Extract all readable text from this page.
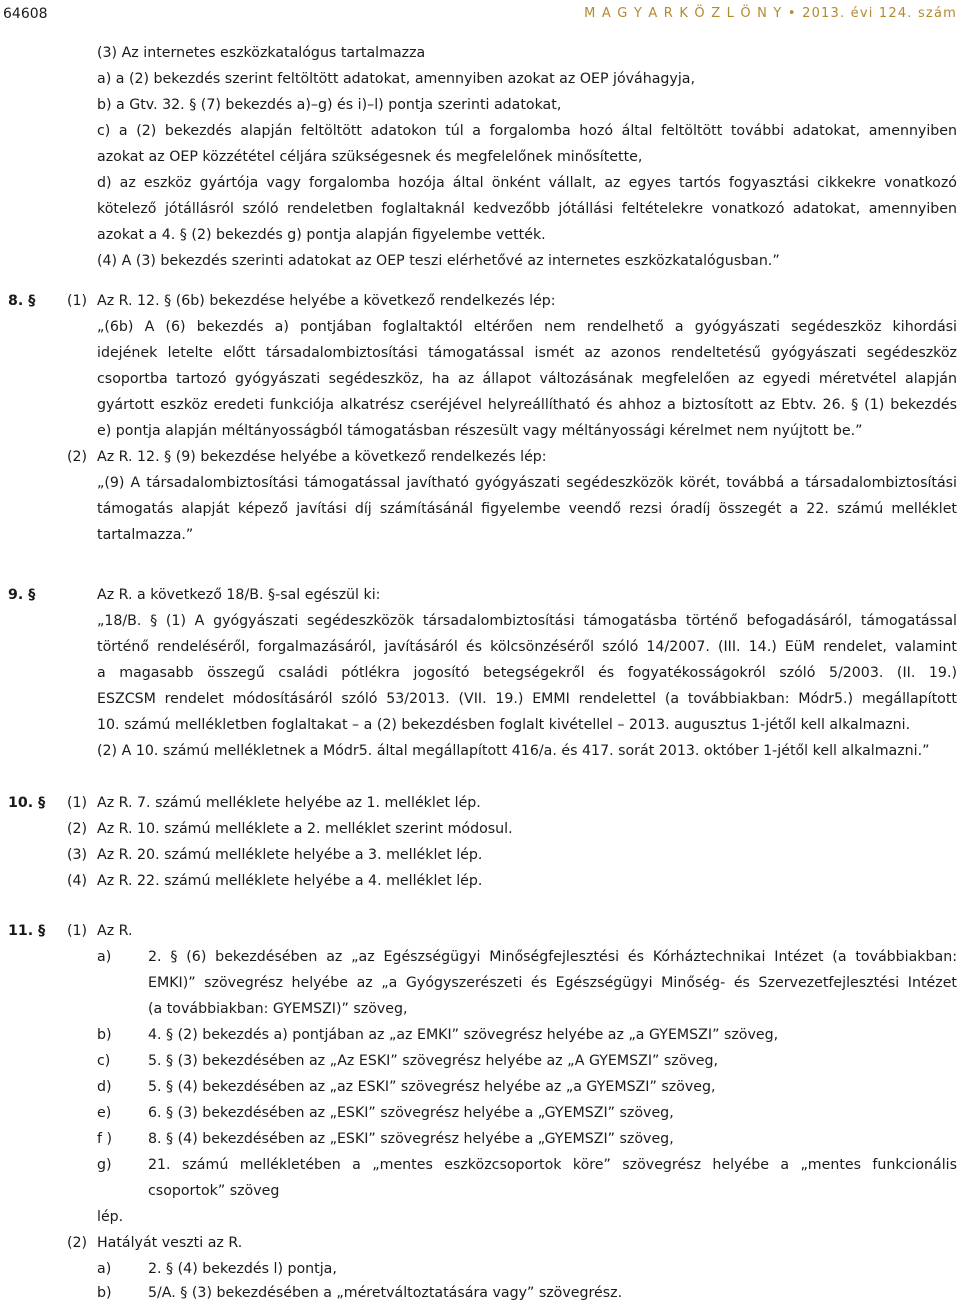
64608	M A G Y A R K Ö Z L Ö N Y • 2013. évi 124. szám
(3) Az internetes eszközkatalógus tartalmazza
a) a (2) bekezdés szerint feltöltött adatokat, amennyiben azokat az OEP jóváhagyja,
b) a Gtv. 32. § (7) bekezdés a)–g) és i)–l) pontja szerinti adatokat,
c) a (2) bekezdés alapján feltöltött adatokon túl a forgalomba hozó által feltöltött további adatokat, amennyiben
azokat az OEP közzététel céljára szükségesnek és megfelelőnek minősítette,
d) az eszköz gyártója vagy forgalomba hozója által önként vállalt, az egyes tartós fogyasztási cikkekre vonatkozó
kötelező jótállásról szóló rendeletben foglaltaknál kedvezőbb jótállási feltételekre vonatkozó adatokat, amennyiben
azokat a 4. § (2) bekezdés g) pontja alapján figyelembe vették.
(4) A (3) bekezdés szerinti adatokat az OEP teszi elérhetővé az internetes eszközkatalógusban.”
8. § (1) Az R. 12. § (6b) bekezdése helyébe a következő rendelkezés lép:
„(6b) A (6) bekezdés a) pontjában foglaltaktól eltérően nem rendelhető a gyógyászati segédeszköz kihordási
idejének letelte előtt társadalombiztosítási támogatással ismét az azonos rendeltetésű gyógyászati segédeszköz
csoportba tartozó gyógyászati segédeszköz, ha az állapot változásának megfelelően az egyedi méretvétel alapján
gyártott eszköz eredeti funkciója alkatrész cseréjével helyreállítható és ahhoz a biztosított az Ebtv. 26. § (1) bekezdés
e) pontja alapján méltányosságból támogatásban részesült vagy méltányossági kérelmet nem nyújtott be.”
(2) Az R. 12. § (9) bekezdése helyébe a következő rendelkezés lép:
„(9) A társadalombiztosítási támogatással javítható gyógyászati segédeszközök körét, továbbá a társadalombiztosítási
támogatás alapját képező javítási díj számításánál figyelembe veendő rezsi óradíj összegét a 22. számú melléklet
tartalmazza.”
9. §	Az R. a következő 18/B. §-sal egészül ki:
„18/B. § (1) A gyógyászati segédeszközök társadalombiztosítási támogatásba történő befogadásáról, támogatással
történő rendeléséről, forgalmazásáról, javításáról és kölcsönzéséről szóló 14/2007. (III. 14.) EüM rendelet, valamint
a magasabb összegű családi pótlékra jogosító betegségekről és fogyatékosságokról szóló 5/2003. (II. 19.)
ESZCSM rendelet módosításáról szóló 53/2013. (VII. 19.) EMMI rendelettel (a továbbiakban: Módr5.) megállapított
10. számú mellékletben foglaltakat – a (2) bekezdésben foglalt kivétellel – 2013. augusztus 1-jétől kell alkalmazni.
(2) A 10. számú mellékletnek a Módr5. által megállapított 416/a. és 417. sorát 2013. október 1-jétől kell alkalmazni.”
10. § (1) Az R. 7. számú melléklete helyébe az 1. melléklet lép.
(2) Az R. 10. számú melléklete a 2. melléklet szerint módosul.
(3) Az R. 20. számú melléklete helyébe a 3. melléklet lép.
(4) Az R. 22. számú melléklete helyébe a 4. melléklet lép.
11. § (1) Az R.
a)	2. § (6) bekezdésében az „az Egészségügyi Minőségfejlesztési és Kórháztechnikai Intézet (a továbbiakban:
EMKI)” szövegrész helyébe az „a Gyógyszerészeti és Egészségügyi Minőség- és Szervezetfejlesztési Intézet
(a továbbiakban: GYEMSZI)” szöveg,
b)	4. § (2) bekezdés a) pontjában az „az EMKI” szövegrész helyébe az „a GYEMSZI” szöveg,
c)	5. § (3) bekezdésében az „Az ESKI” szövegrész helyébe az „A GYEMSZI” szöveg,
d)	5. § (4) bekezdésében az „az ESKI” szövegrész helyébe az „a GYEMSZI” szöveg,
e)	6. § (3) bekezdésében az „ESKI” szövegrész helyébe a „GYEMSZI” szöveg,
f )	8. § (4) bekezdésében az „ESKI” szövegrész helyébe a „GYEMSZI” szöveg,
g)	21. számú mellékletében a „mentes eszközcsoportok köre” szövegrész helyébe a „mentes funkcionális
csoportok” szöveg
lép.
(2) Hatályát veszti az R.
a)	2. § (4) bekezdés l) pontja,
b)	5/A. § (3) bekezdésében a „méretváltoztatására vagy” szövegrész.
